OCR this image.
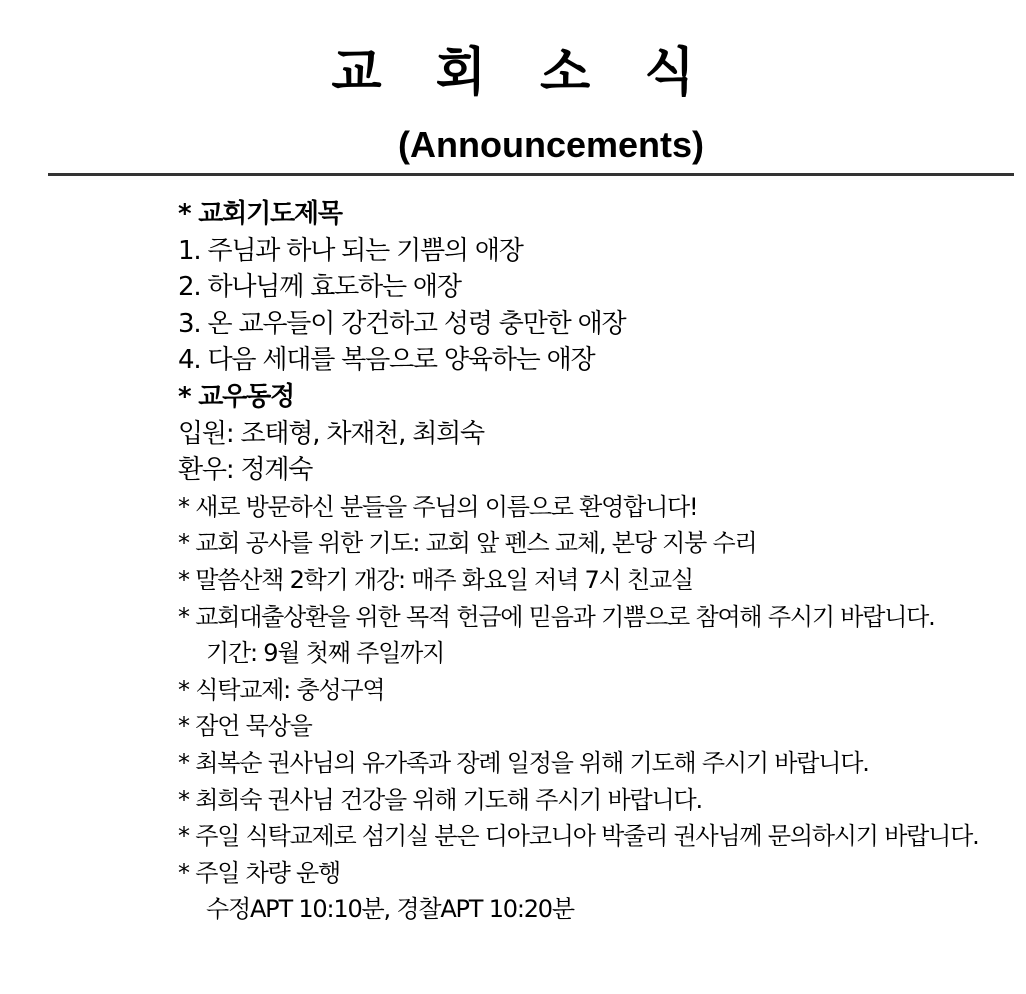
교 회 소 식
(Announcements)
* 교회기도제목
1. 주님과 하나 되는 기쁨의 애장
2. 하나님께 효도하는 애장
3. 온 교우들이 강건하고 성령 충만한 애장
4. 다음 세대를 복음으로 양육하는 애장
* 교우동정
입원: 조태형, 차재천, 최희숙
환우: 정계숙
* 새로 방문하신 분들을 주님의 이름으로 환영합니다!
* 교회 공사를 위한 기도: 교회 앞 펜스 교체, 본당 지붕 수리
* 말씀산책 2학기 개강: 매주 화요일 저녁 7시 친교실
* 교회대출상환을 위한 목적 헌금에 믿음과 기쁨으로 참여해 주시기 바랍니다.
기간: 9월 첫째 주일까지
* 식탁교제: 충성구역
* 잠언 묵상을
* 최복순 권사님의 유가족과 장례 일정을 위해 기도해 주시기 바랍니다.
* 최희숙 권사님 건강을 위해 기도해 주시기 바랍니다.
* 주일 식탁교제로 섬기실 분은 디아코니아 박줄리 권사님께 문의하시기 바랍니다.
* 주일 차량 운행
수정APT 10:10분, 경찰APT 10:20분
